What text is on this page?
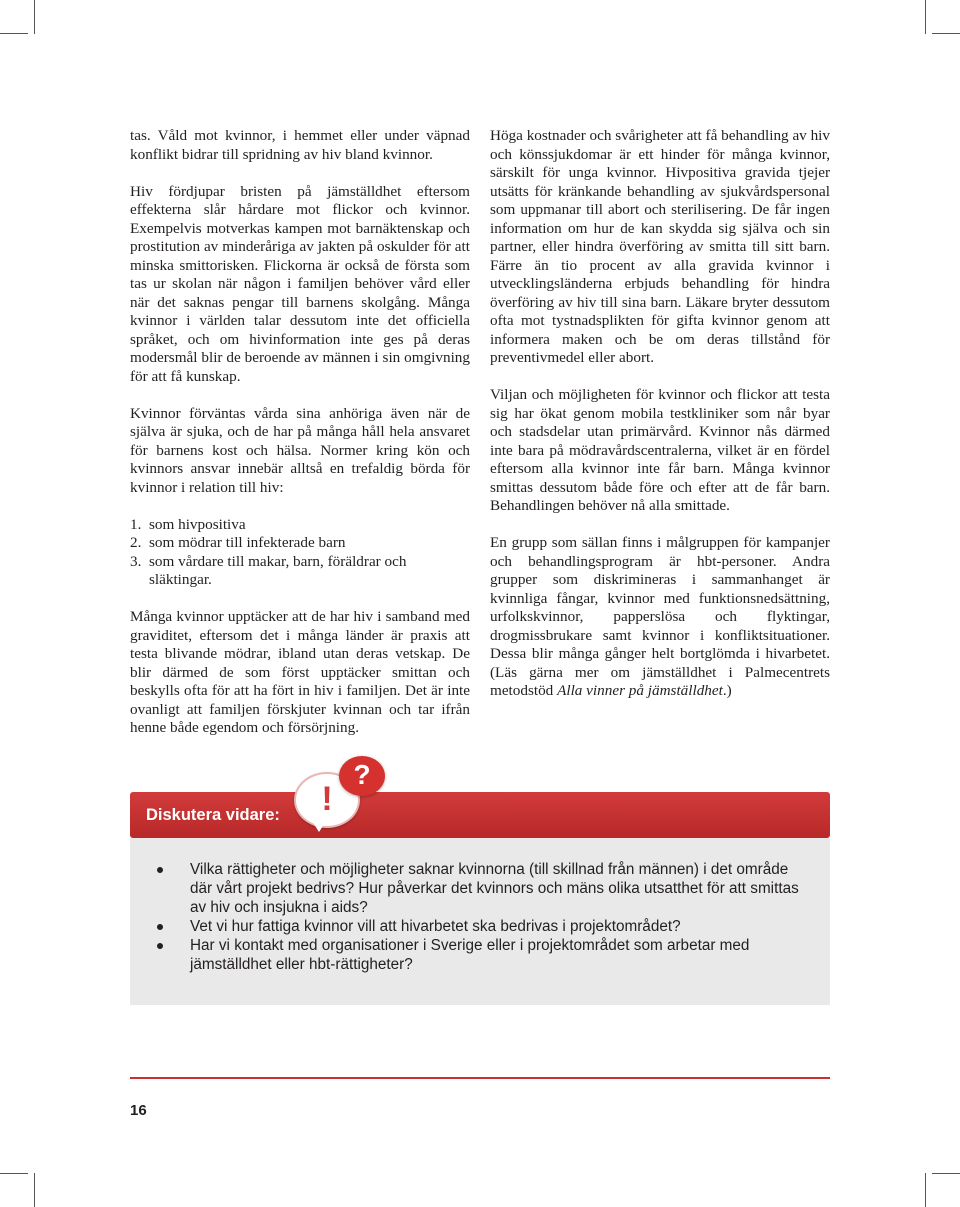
tas. Våld mot kvinnor, i hemmet eller under väpnad konflikt bidrar till spridning av hiv bland kvinnor.

Hiv fördjupar bristen på jämställdhet eftersom effekterna slår hårdare mot flickor och kvinnor. Exempelvis motverkas kampen mot barnäktenskap och prostitution av minderåriga av jakten på oskulder för att minska smittorisken. Flickorna är också de första som tas ur skolan när någon i familjen behöver vård eller när det saknas pengar till barnens skolgång. Många kvinnor i världen talar dessutom inte det officiella språket, och om hivinformation inte ges på deras modersmål blir de beroende av männen i sin omgivning för att få kunskap.

Kvinnor förväntas vårda sina anhöriga även när de själva är sjuka, och de har på många håll hela ansvaret för barnens kost och hälsa. Normer kring kön och kvinnors ansvar innebär alltså en trefaldig börda för kvinnor i relation till hiv:

1. som hivpositiva
2. som mödrar till infekterade barn
3. som vårdare till makar, barn, föräldrar och släktingar.

Många kvinnor upptäcker att de har hiv i samband med graviditet, eftersom det i många länder är praxis att testa blivande mödrar, ibland utan deras vetskap. De blir därmed de som först upptäcker smittan och beskylls ofta för att ha fört in hiv i familjen. Det är inte ovanligt att familjen förskjuter kvinnan och tar ifrån henne både egendom och försörjning.

Höga kostnader och svårigheter att få behandling av hiv och könssjukdomar är ett hinder för många kvinnor, särskilt för unga kvinnor. Hivpositiva gravida tjejer utsätts för kränkande behandling av sjukvårdspersonal som uppmanar till abort och sterilisering. De får ingen information om hur de kan skydda sig själva och sin partner, eller hindra överföring av smitta till sitt barn. Färre än tio procent av alla gravida kvinnor i utvecklingsländerna erbjuds behandling för hindra överföring av hiv till sina barn. Läkare bryter dessutom ofta mot tystnadsplikten för gifta kvinnor genom att informera maken och be om deras tillstånd för preventivmedel eller abort.

Viljan och möjligheten för kvinnor och flickor att testa sig har ökat genom mobila testkliniker som når byar och stadsdelar utan primärvård. Kvinnor nås därmed inte bara på mödravårdscentralerna, vilket är en fördel eftersom alla kvinnor inte får barn. Många kvinnor smittas dessutom både före och efter att de får barn. Behandlingen behöver nå alla smittade.

En grupp som sällan finns i målgruppen för kampanjer och behandlingsprogram är hbt-personer. Andra grupper som diskrimineras i sammanhanget är kvinnliga fångar, kvinnor med funktionsnedsättning, urfolkskvinnor, papperslösa och flyktingar, drogmissbrukare samt kvinnor i konfliktsituationer. Dessa blir många gånger helt bortglömda i hivarbetet. (Läs gärna mer om jämställdhet i Palmecentrets metodstöd Alla vinner på jämställdhet.)

Diskutera vidare:	!
?
Vilka rättigheter och möjligheter saknar kvinnorna (till skillnad från männen) i det område där vårt projekt bedrivs? Hur påverkar det kvinnors och mäns olika utsatthet för att smittas av hiv och insjukna i aids?
Vet vi hur fattiga kvinnor vill att hivarbetet ska bedrivas i projektområdet?
Har vi kontakt med organisationer i Sverige eller i projektområdet som arbetar med jämställdhet eller hbt-rättigheter?
16
